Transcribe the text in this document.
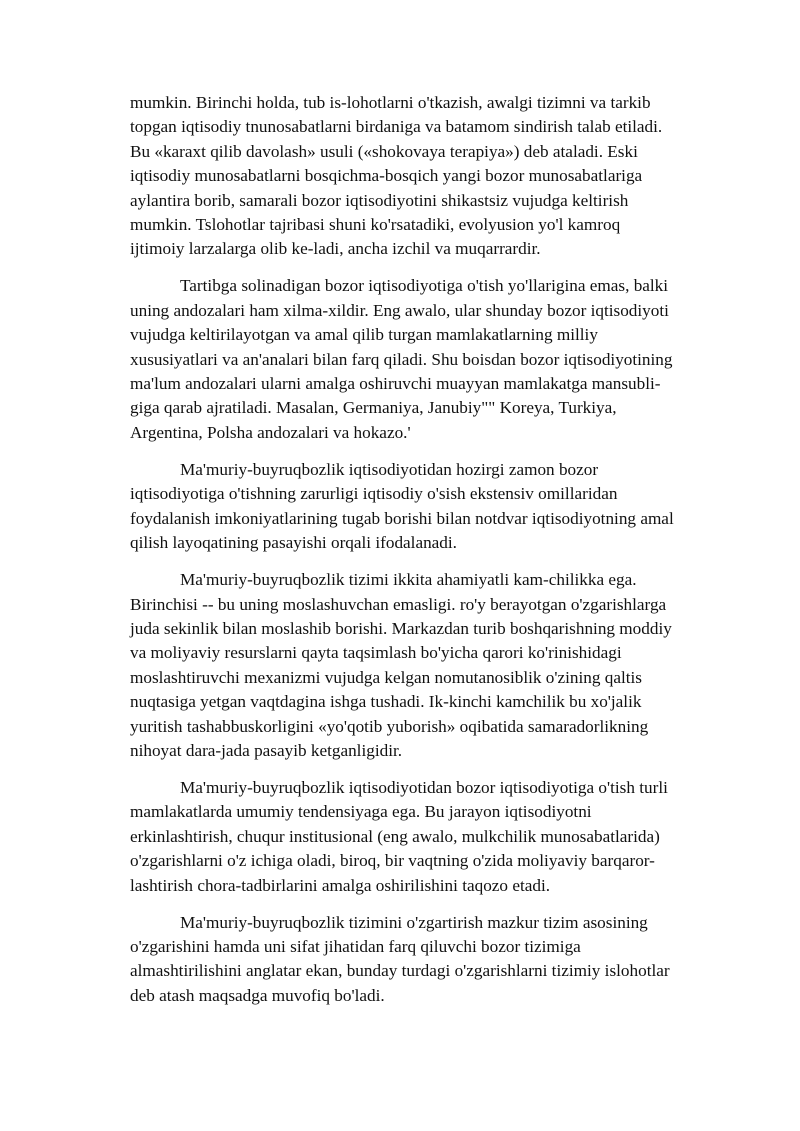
mumkin. Birinchi holda, tub is-lohotlarni o'tkazish, awalgi tizimni va tarkib
topgan iqtisodiy tnunosabatlarni birdaniga va batamom sindirish talab etiladi.
Bu «karaxt qilib davolash» usuli («shokovaya terapiya») deb ataladi. Eski
iqtisodiy munosabatlarni bosqichma-bosqich yangi bozor munosabatlariga
aylantira borib, samarali bozor iqtisodiyotini shikastsiz vujudga keltirish
mumkin. Tslohotlar tajribasi shuni ko'rsatadiki, evolyusion yo'l kamroq
ijtimoiy larzalarga olib ke-ladi, ancha izchil va muqarrardir.

Tartibga solinadigan bozor iqtisodiyotiga o'tish yo'llarigina emas, balki
uning andozalari ham xilma-xildir. Eng awalo, ular shunday bozor iqtisodiyoti
vujudga keltirilayotgan va amal qilib turgan mamlakatlarning milliy
xususiyatlari va an'analari bilan farq qiladi. Shu boisdan bozor iqtisodiyotining
ma'lum andozalari ularni amalga oshiruvchi muayyan mamlakatga mansubli-
giga qarab ajratiladi. Masalan, Germaniya, Janubiy"" Koreya, Turkiya,
Argentina, Polsha andozalari va hokazo.'

Ma'muriy-buyruqbozlik iqtisodiyotidan hozirgi zamon bozor
iqtisodiyotiga o'tishning zarurligi iqtisodiy o'sish ekstensiv omillaridan
foydalanish imkoniyatlarining tugab borishi bilan notdvar iqtisodiyotning amal
qilish layoqatining pasayishi orqali ifodalanadi.

Ma'muriy-buyruqbozlik tizimi ikkita ahamiyatli kam-chilikka ega.
Birinchisi -- bu uning moslashuvchan emasligi. ro'y berayotgan o'zgarishlarga
juda sekinlik bilan moslashib borishi. Markazdan turib boshqarishning moddiy
va moliyaviy resurslarni qayta taqsimlash bo'yicha qarori ko'rinishidagi
moslashtiruvchi mexanizmi vujudga kelgan nomutanosiblik o'zining qaltis
nuqtasiga yetgan vaqtdagina ishga tushadi. Ik-kinchi kamchilik bu xo'jalik
yuritish tashabbuskorligini «yo'qotib yuborish» oqibatida samaradorlikning
nihoyat dara-jada pasayib ketganligidir.

Ma'muriy-buyruqbozlik iqtisodiyotidan bozor iqtisodiyotiga o'tish turli
mamlakatlarda umumiy tendensiyaga ega. Bu jarayon iqtisodiyotni
erkinlashtirish, chuqur institusional (eng awalo, mulkchilik munosabatlarida)
o'zgarishlarni o'z ichiga oladi, biroq, bir vaqtning o'zida moliyaviy barqaror-
lashtirish chora-tadbirlarini amalga oshirilishini taqozo etadi.

Ma'muriy-buyruqbozlik tizimini o'zgartirish mazkur tizim asosining
o'zgarishini hamda uni sifat jihatidan farq qiluvchi bozor tizimiga
almashtirilishini anglatar ekan, bunday turdagi o'zgarishlarni tizimiy islohotlar
deb atash maqsadga muvofiq bo'ladi.
